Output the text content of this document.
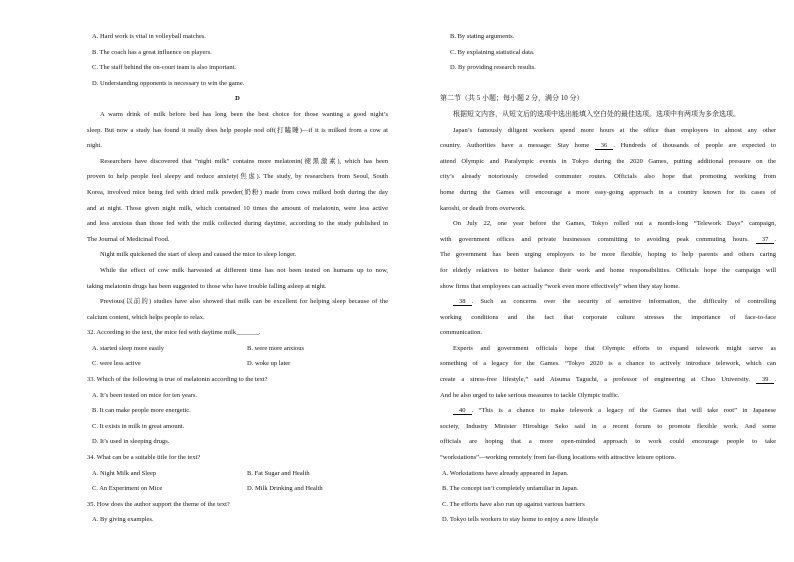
A. Hard work is vital in volleyball matches.
B. The coach has a great influence on players.
C. The staff behind the on-court team is also important.
D. Understanding opponents is necessary to win the game.
D
A warm drink of milk before bed has long been the best choice for those wanting a good night’s
sleep. But now a study has found it really does help people nod off(打瞌睡)—if it is milked from a cow at
night.
Researchers have discovered that “night milk” contains more melatonin(褪黑激素), which has been
proven to help people feel sleepy and reduce anxiety(焦虑). The study, by researchers from Seoul, South
Korea, involved mice being fed with dried milk powder(奶粉) made from cows milked both during the day
and at night. Those given night milk, which contained 10 times the amount of melatonin, were less active
and less anxious than those fed with the milk collected during daytime, according to the study published in
The Journal of Medicinal Food.
Night milk quickened the start of sleep and caused the mice to sleep longer.
While the effect of cow milk harvested at different time has not been tested on humans up to now,
taking melatonin drugs has been suggested to those who have trouble falling asleep at night.
Previous(以前的) studies have also showed that milk can be excellent for helping sleep because of the
calcium content, which helps people to relax.
32. According to the text, the mice fed with daytime milk_______.
A. started sleep more easily	B. were more anxious
C. were less active	D. woke up later
33. Which of the following is true of melatonin according to the text?
A. It’s been tested on mice for ten years.
B. It can make people more energetic.
C. It exists in milk in great amount.
D. It’s used in sleeping drugs.
34. What can be a suitable title for the text?
A. Night Milk and Sleep	B. Fat Sugar and Health
C. An Experiment on Mice	D. Milk Drinking and Health
35. How does the author support the theme of the text?
A. By giving examples.
B. By stating arguments.
C. By explaining statistical data.
D. By providing research results.
第二节（共 5 小题；每小题 2 分，满分 10 分）
根据短文内容，从短文后的选项中选出能填入空白处的最佳选项。选项中有两项为多余选项。
Japan’s famously diligent workers spend more hours at the office than employers in almost any other
country. Authorities have a message: Stay home 36 . Hundreds of thousands of people are expected to
attend Olympic and Paralympic events in Tokyo during the 2020 Games, putting additional pressure on the
city’s already notoriously crowded commuter routes. Officials also hope that promoting working from
home during the Games will encourage a more easy-going approach in a country known for its cases of
karoshi, or death from overwork.
On July 22, one year before the Games, Tokyo rolled out a month-long “Telework Days” campaign,
with government offices and private businesses committing to avoiding peak commuting hours. 37 .
The government has been urging employers to be more flexible, hoping to help parents and others caring
for elderly relatives to better balance their work and home responsibilities. Officials hope the campaign will
show firms that employees can actually “work even more effectively” when they stay home.
38 . Such as concerns over the security of sensitive information, the difficulty of controlling
working conditions and the fact that corporate culture stresses the importance of face-to-face
communication.
Experts and government officials hope that Olympic efforts to expand telework might serve as
something of a legacy for the Games. “Tokyo 2020 is a chance to actively introduce telework, which can
create a stress-free lifestyle,” said Atsuma Taguchi, a professor of engineering at Chuo University. 39 .
And he also urged to take serious measures to tackle Olympic traffic.
40 . “This is a chance to make telework a legacy of the Games that will take root” in Japanese
society, Industry Minister Hiroshige Seko said in a recent forum to promote flexible work. And some
officials are hoping that a more open-minded approach to work could encourage people to take
“workstations”—working remotely from far-flung locations with attractive leisure options.
A. Workstations have already appeared in Japan.
B. The concept isn’t completely unfamiliar in Japan.
C. The efforts have also run up against various barriers
D. Tokyo tells workers to stay home to enjoy a new lifestyle
